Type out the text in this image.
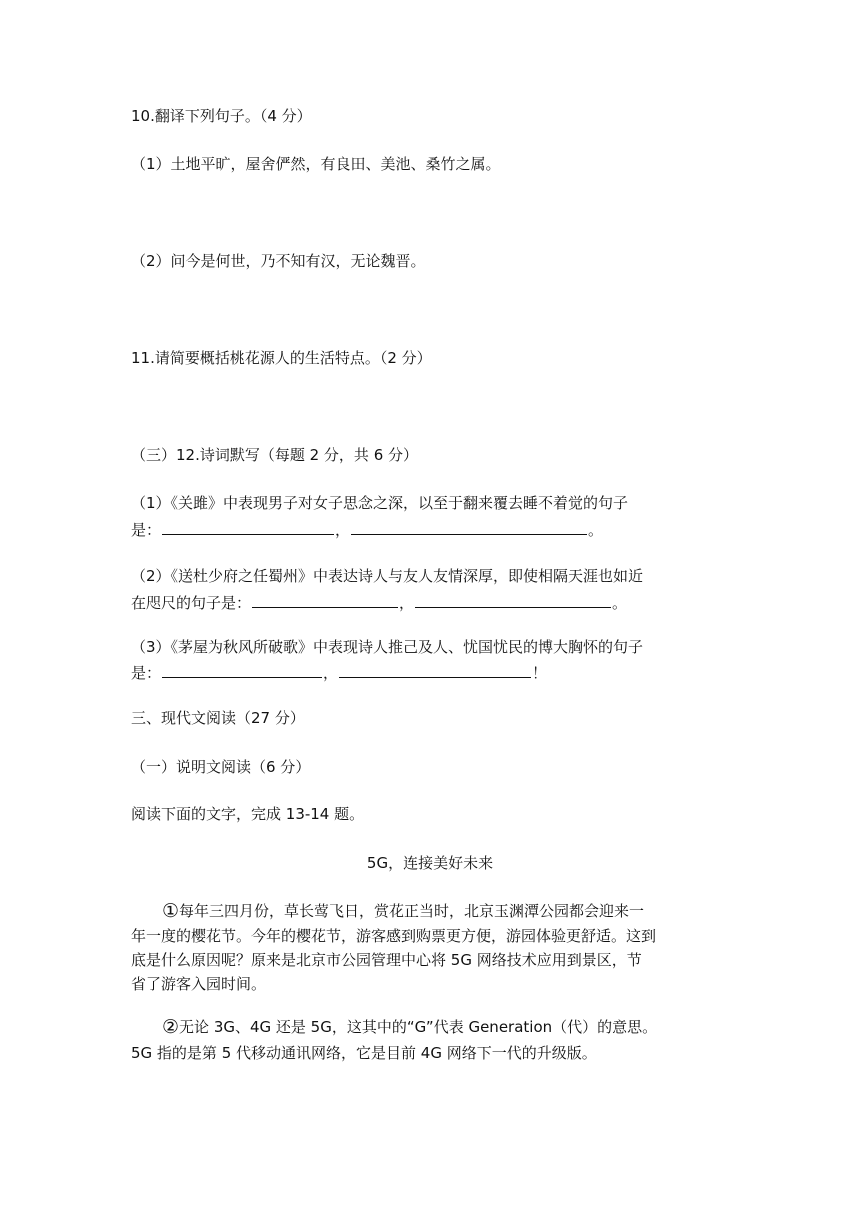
10.翻译下列句子。（4 分）
（1）土地平旷，屋舍俨然，有良田、美池、桑竹之属。
（2）问今是何世，乃不知有汉，无论魏晋。
11.请简要概括桃花源人的生活特点。（2 分）
（三）12.诗词默写（每题 2 分，共 6 分）
（1）《关雎》中表现男子对女子思念之深，以至于翻来覆去睡不着觉的句子
是：	，	。
（2）《送杜少府之任蜀州》中表达诗人与友人友情深厚，即使相隔天涯也如近
在咫尺的句子是：	，	。
（3）《茅屋为秋风所破歌》中表现诗人推己及人、忧国忧民的博大胸怀的句子
是：	，	！
三、现代文阅读（27 分）
（一）说明文阅读（6 分）
阅读下面的文字，完成 13-14 题。
5G，连接美好未来
①每年三四月份，草长莺飞日，赏花正当时，北京玉渊潭公园都会迎来一
年一度的樱花节。今年的樱花节，游客感到购票更方便，游园体验更舒适。这到
底是什么原因呢？原来是北京市公园管理中心将 5G 网络技术应用到景区，节
省了游客入园时间。
②无论 3G、4G 还是 5G，这其中的“G”代表 Generation（代）的意思。
5G 指的是第 5 代移动通讯网络，它是目前 4G 网络下一代的升级版。
